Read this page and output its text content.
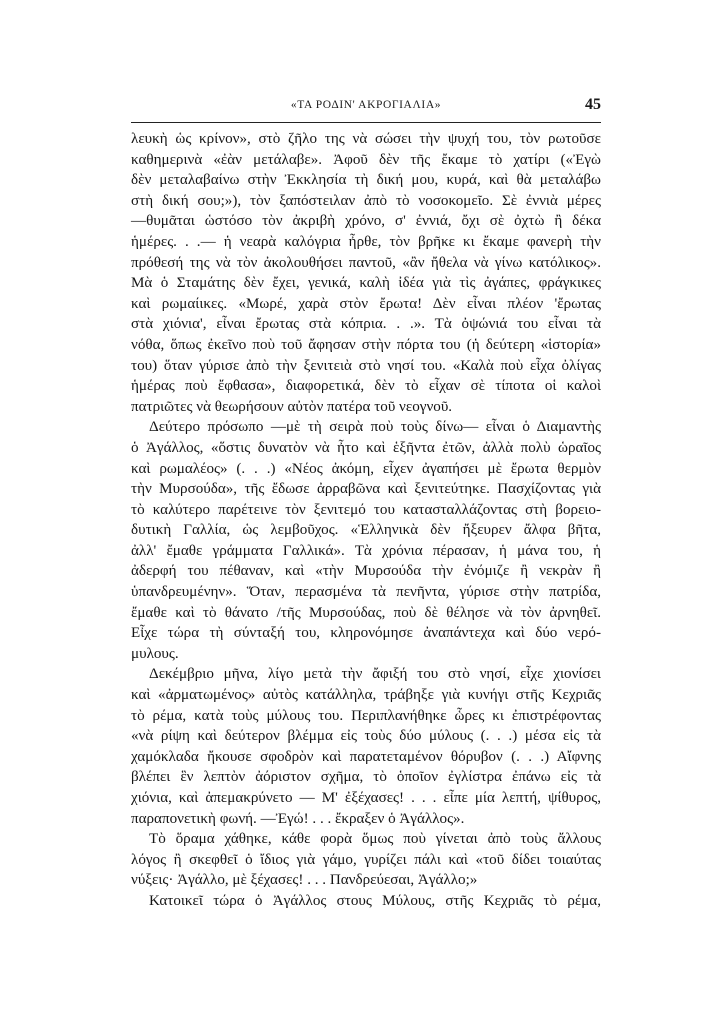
«ΤΑ ΡΟΔΙΝ' ΑΚΡΟΓΙΑΛΙΑ»	45
λευκὴ ὡς κρίνον», στὸ ζῆλο της νὰ σώσει τὴν ψυχή του, τὸν ρωτοῦσε
καθημερινὰ «ἐὰν μετάλαβε». Ἀφοῦ δὲν τῆς ἔκαμε τὸ χατίρι («Ἐγὼ
δὲν μεταλαβαίνω στὴν Ἐκκλησία τὴ δική μου, κυρά, καὶ θὰ μεταλάβω
στὴ δική σου;»), τὸν ξαπόστειλαν ἀπὸ τὸ νοσοκομεῖο. Σὲ ἐννιὰ μέρες
—θυμᾶται ὡστόσο τὸν ἀκριβὴ χρόνο, σ' ἐννιά, ὄχι σὲ ὀχτὼ ἢ δέκα
ἡμέρες. . .— ἡ νεαρὰ καλόγρια ἦρθε, τὸν βρῆκε κι ἔκαμε φανερὴ τὴν
πρόθεσή της νὰ τὸν ἀκολουθήσει παντοῦ, «ἂν ἤθελα νὰ γίνω κατόλικος».
Μὰ ὁ Σταμάτης δὲν ἔχει, γενικά, καλὴ ἰδέα γιὰ τὶς ἀγάπες, φράγκικες
καὶ ρωμαίικες. «Μωρέ, χαρὰ στὸν ἔρωτα! Δὲν εἶναι πλέον 'ἔρωτας
στὰ χιόνια', εἶναι ἔρωτας στὰ κόπρια. . .». Τὰ ὀψώνιά του εἶναι τὰ
νόθα, ὅπως ἐκεῖνο ποὺ τοῦ ἄφησαν στὴν πόρτα του (ἡ δεύτερη «ἱστορία»
του) ὅταν γύρισε ἀπὸ τὴν ξενιτειὰ στὸ νησί του. «Καλὰ ποὺ εἶχα ὀλίγας
ἡμέρας ποὺ ἔφθασα», διαφορετικά, δὲν τὸ εἶχαν σὲ τίποτα οἱ καλοὶ
πατριῶτες νὰ θεωρήσουν αὐτὸν πατέρα τοῦ νεογνοῦ.
Δεύτερο πρόσωπο —μὲ τὴ σειρὰ ποὺ τοὺς δίνω— εἶναι ὁ Διαμαντὴς
ὁ Ἀγάλλος, «ὅστις δυνατὸν νὰ ἦτο καὶ ἑξῆντα ἐτῶν, ἀλλὰ πολὺ ὡραῖος
καὶ ρωμαλέος» (. . .) «Νέος ἀκόμη, εἶχεν ἀγαπήσει μὲ ἔρωτα θερμὸν
τὴν Μυρσούδα», τῆς ἔδωσε ἀρραβῶνα καὶ ξενιτεύτηκε. Πασχίζοντας γιὰ
τὸ καλύτερο παρέτεινε τὸν ξενιτεμό του κατασταλλάζοντας στὴ βορειο-
δυτικὴ Γαλλία, ὡς λεμβοῦχος. «Ἑλληνικὰ δὲν ἤξευρεν ἄλφα βῆτα,
ἀλλ' ἔμαθε γράμματα Γαλλικά». Τὰ χρόνια πέρασαν, ἡ μάνα του, ἡ
ἀδερφή του πέθαναν, καὶ «τὴν Μυρσούδα τὴν ἐνόμιζε ἢ νεκρὰν ἢ
ὑπανδρευμένην». Ὅταν, περασμένα τὰ πενῆντα, γύρισε στὴν πατρίδα,
ἔμαθε καὶ τὸ θάνατο /τῆς Μυρσούδας, ποὺ δὲ θέλησε νὰ τὸν ἀρνηθεῖ.
Εἶχε τώρα τὴ σύνταξή του, κληρονόμησε ἀναπάντεχα καὶ δύο νερό-
μυλους.
Δεκέμβριο μῆνα, λίγο μετὰ τὴν ἄφιξή του στὸ νησί, εἶχε χιονίσει
καὶ «ἀρματωμένος» αὐτὸς κατάλληλα, τράβηξε γιὰ κυνήγι στῆς Κεχριᾶς
τὸ ρέμα, κατὰ τοὺς μύλους του. Περιπλανήθηκε ὧρες κι ἐπιστρέφοντας
«νὰ ρίψη καὶ δεύτερον βλέμμα εἰς τοὺς δύο μύλους (. . .) μέσα εἰς τὰ
χαμόκλαδα ἤκουσε σφοδρὸν καὶ παρατεταμένον θόρυβον (. . .) Αἴφνης
βλέπει ἓν λεπτὸν ἀόριστον σχῆμα, τὸ ὁποῖον ἐγλίστρα ἐπάνω εἰς τὰ
χιόνια, καὶ ἀπεμακρύνετο — Μ' ἐξέχασες! . . . εἶπε μία λεπτή, ψίθυρος,
παραπονετικὴ φωνή. —Ἐγώ! . . . ἔκραξεν ὁ Ἀγάλλος».
Τὸ ὅραμα χάθηκε, κάθε φορὰ ὅμως ποὺ γίνεται ἀπὸ τοὺς ἄλλους
λόγος ἢ σκεφθεῖ ὁ ἴδιος γιὰ γάμο, γυρίζει πάλι καὶ «τοῦ δίδει τοιαύτας
νύξεις· Ἀγάλλο, μὲ ξέχασες! . . . Πανδρεύεσαι, Ἀγάλλο;»
Κατοικεῖ τώρα ὁ Ἀγάλλος στους Μύλους, στῆς Κεχριᾶς τὸ ρέμα,
